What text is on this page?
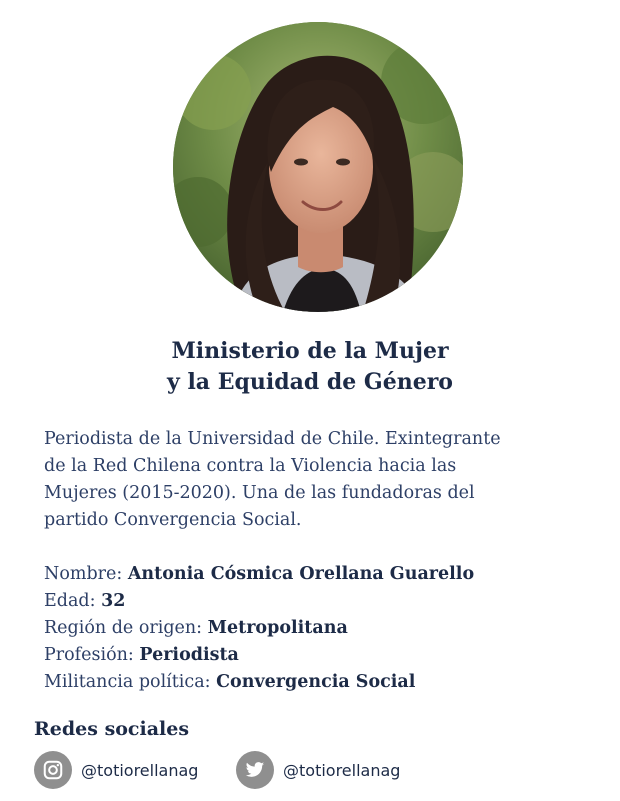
Ministerio de la Mujer
y la Equidad de Género
Periodista de la Universidad de Chile. Exintegrante
de la Red Chilena contra la Violencia hacia las
Mujeres (2015-2020). Una de las fundadoras del
partido Convergencia Social.
Nombre: Antonia Cósmica Orellana Guarello
Edad: 32
Región de origen: Metropolitana
Profesión: Periodista
Militancia política: Convergencia Social
Redes sociales
@totiorellanag	@totiorellanag
